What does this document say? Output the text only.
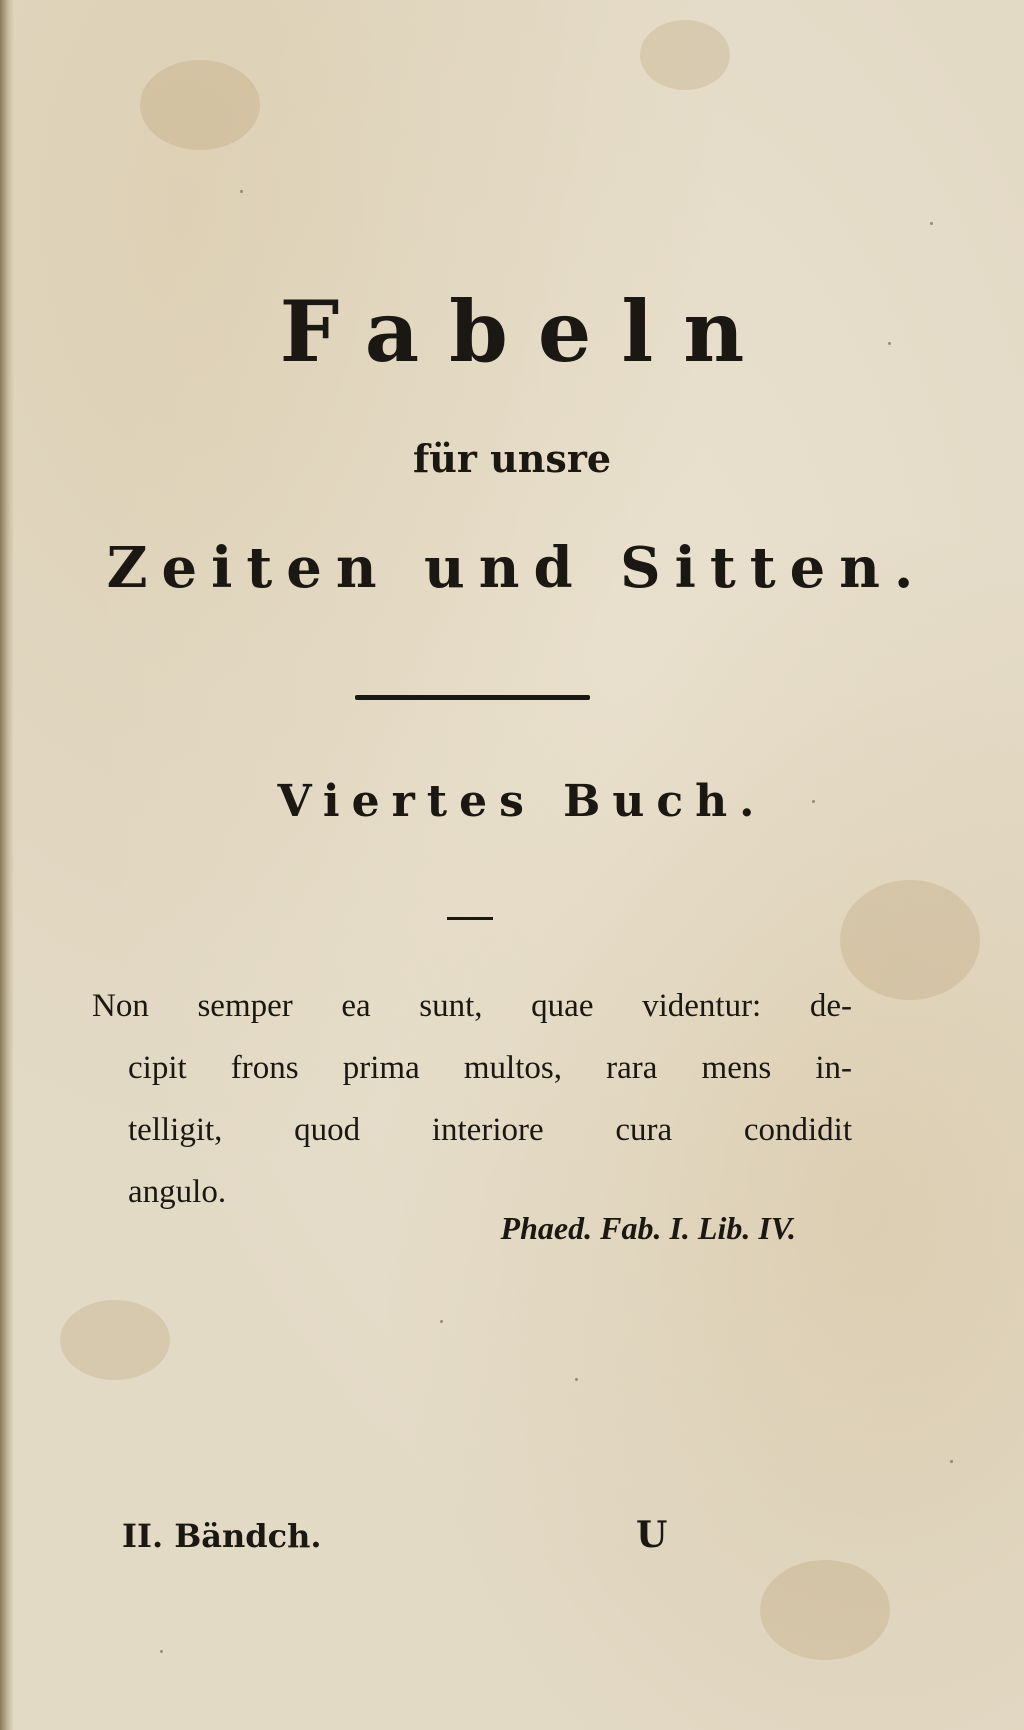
Fabeln
für unsre
Zeiten und Sitten.
Viertes Buch.
Non semper ea sunt, quae videntur: de-
cipit frons prima multos, rara mens in-
telligit, quod interiore cura condidit
angulo.
Phaed. Fab. I. Lib. IV.
II. Bändch.	U
